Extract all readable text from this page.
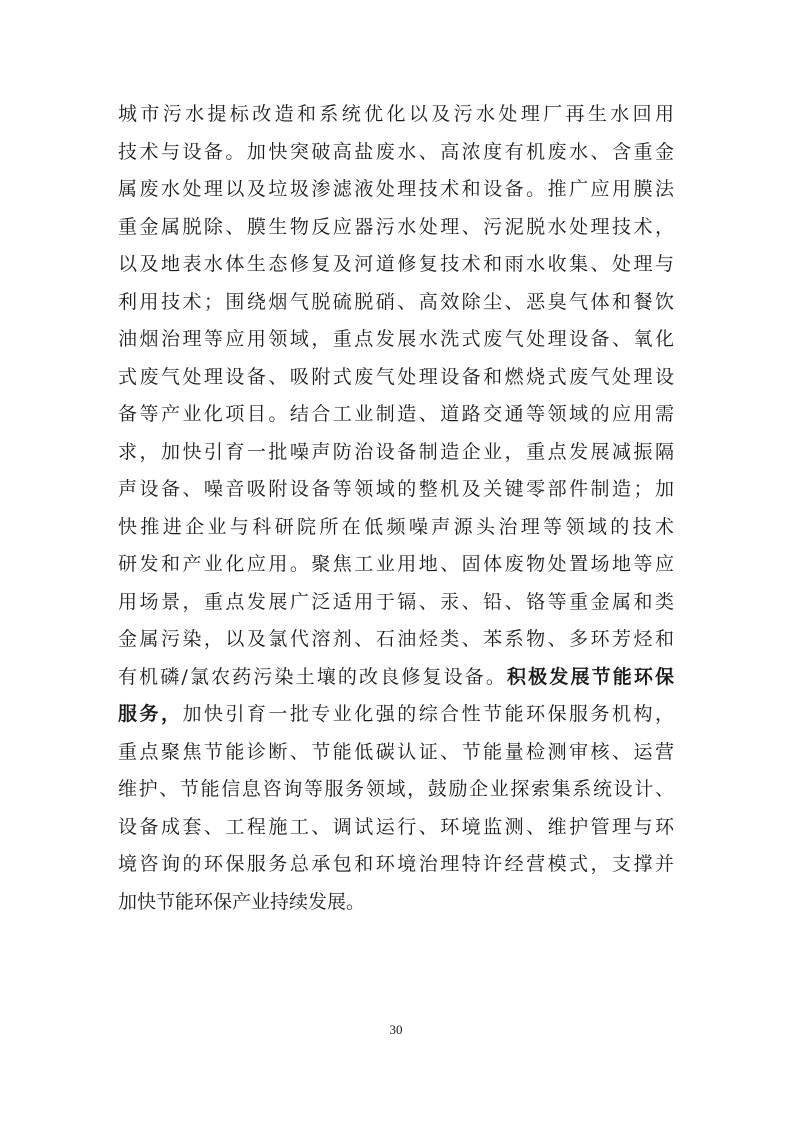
城市污水提标改造和系统优化以及污水处理厂再生水回用
技术与设备。加快突破高盐废水、高浓度有机废水、含重金
属废水处理以及垃圾渗滤液处理技术和设备。推广应用膜法
重金属脱除、膜生物反应器污水处理、污泥脱水处理技术，
以及地表水体生态修复及河道修复技术和雨水收集、处理与
利用技术；围绕烟气脱硫脱硝、高效除尘、恶臭气体和餐饮
油烟治理等应用领域，重点发展水洗式废气处理设备、氧化
式废气处理设备、吸附式废气处理设备和燃烧式废气处理设
备等产业化项目。结合工业制造、道路交通等领域的应用需
求，加快引育一批噪声防治设备制造企业，重点发展减振隔
声设备、噪音吸附设备等领域的整机及关键零部件制造；加
快推进企业与科研院所在低频噪声源头治理等领域的技术
研发和产业化应用。聚焦工业用地、固体废物处置场地等应
用场景，重点发展广泛适用于镉、汞、铅、铬等重金属和类
金属污染，以及氯代溶剂、石油烃类、苯系物、多环芳烃和
有机磷/氯农药污染土壤的改良修复设备。积极发展节能环保
服务，加快引育一批专业化强的综合性节能环保服务机构，
重点聚焦节能诊断、节能低碳认证、节能量检测审核、运营
维护、节能信息咨询等服务领域，鼓励企业探索集系统设计、
设备成套、工程施工、调试运行、环境监测、维护管理与环
境咨询的环保服务总承包和环境治理特许经营模式，支撑并
加快节能环保产业持续发展。
30
